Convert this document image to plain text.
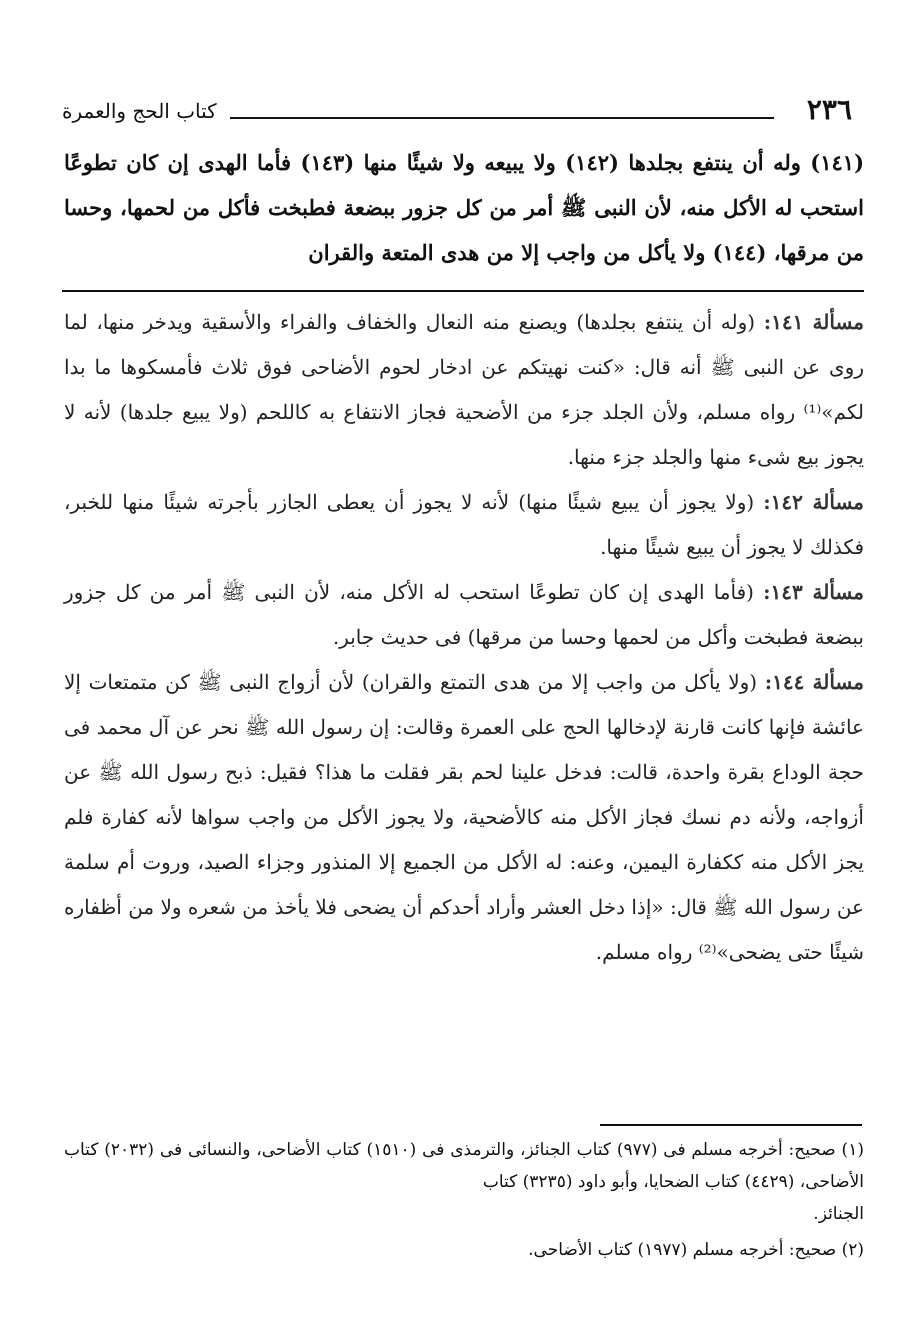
كتاب الحج والعمرة	٢٣٦

(١٤١) وله أن ينتفع بجلدها (١٤٢) ولا يبيعه ولا شيئًا منها (١٤٣) فأما الهدى إن كان تطوعًا استحب له الأكل منه، لأن النبى ﷺ أمر من كل جزور ببضعة فطبخت فأكل من لحمها، وحسا من مرقها، (١٤٤) ولا يأكل من واجب إلا من هدى المتعة والقران

مسألة ١٤١: (وله أن ينتفع بجلدها) ويصنع منه النعال والخفاف والفراء والأسقية ويدخر منها، لما روى عن النبى ﷺ أنه قال: «كنت نهيتكم عن ادخار لحوم الأضاحى فوق ثلاث فأمسكوها ما بدا لكم»⁽¹⁾ رواه مسلم، ولأن الجلد جزء من الأضحية فجاز الانتفاع به كاللحم (ولا يبيع جلدها) لأنه لا يجوز بيع شىء منها والجلد جزء منها.

مسألة ١٤٢: (ولا يجوز أن يبيع شيئًا منها) لأنه لا يجوز أن يعطى الجازر بأجرته شيئًا منها للخبر، فكذلك لا يجوز أن يبيع شيئًا منها.

مسألة ١٤٣: (فأما الهدى إن كان تطوعًا استحب له الأكل منه، لأن النبى ﷺ أمر من كل جزور ببضعة فطبخت وأكل من لحمها وحسا من مرقها) فى حديث جابر.

مسألة ١٤٤: (ولا يأكل من واجب إلا من هدى التمتع والقران) لأن أزواج النبى ﷺ كن متمتعات إلا عائشة فإنها كانت قارنة لإدخالها الحج على العمرة وقالت: إن رسول الله ﷺ نحر عن آل محمد فى حجة الوداع بقرة واحدة، قالت: فدخل علينا لحم بقر فقلت ما هذا؟ فقيل: ذبح رسول الله ﷺ عن أزواجه، ولأنه دم نسك فجاز الأكل منه كالأضحية، ولا يجوز الأكل من واجب سواها لأنه كفارة فلم يجز الأكل منه ككفارة اليمين، وعنه: له الأكل من الجميع إلا المنذور وجزاء الصيد، وروت أم سلمة عن رسول الله ﷺ قال: «إذا دخل العشر وأراد أحدكم أن يضحى فلا يأخذ من شعره ولا من أظفاره شيئًا حتى يضحى»⁽²⁾ رواه مسلم.

(١) صحيح: أخرجه مسلم فى (٩٧٧) كتاب الجنائز، والترمذى فى (١٥١٠) كتاب الأضاحى، والنسائى فى (٢٠٣٢) كتاب الأضاحى، (٤٤٢٩) كتاب الضحايا، وأبو داود (٣٢٣٥) كتاب
الجنائز.

(٢) صحيح: أخرجه مسلم (١٩٧٧) كتاب الأضاحى.
